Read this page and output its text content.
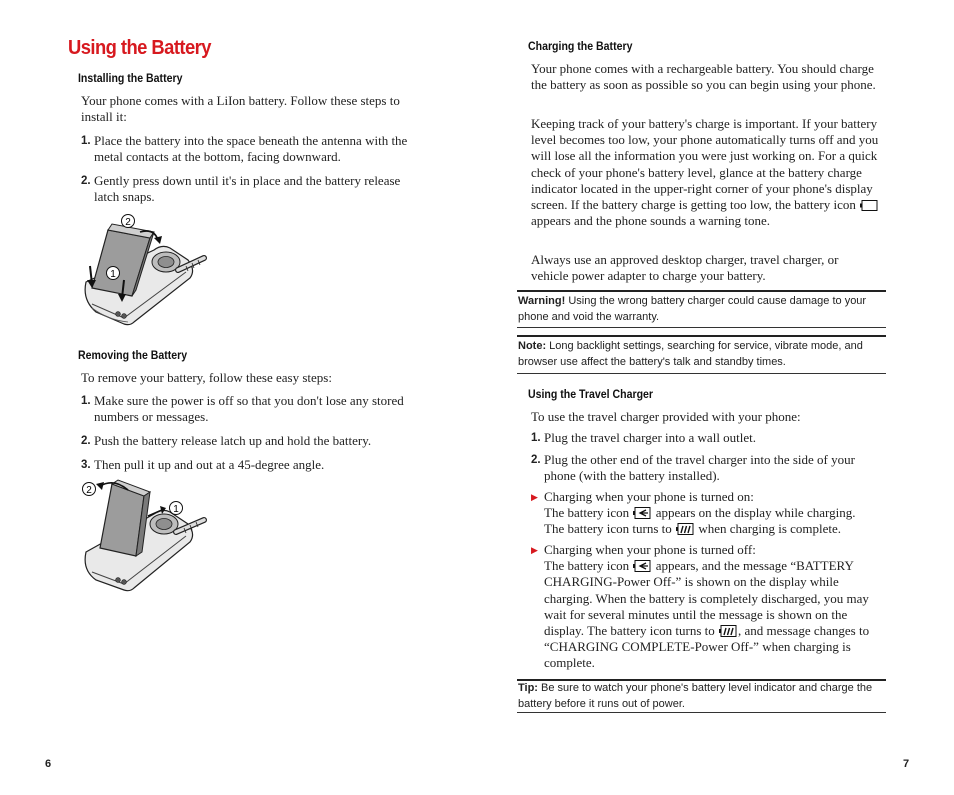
Using the Battery
Installing the Battery
Your phone comes with a LiIon battery. Follow these steps to install it:
1. Place the battery into the space beneath the antenna with the metal contacts at the bottom, facing downward.
2. Gently press down until it's in place and the battery release latch snaps.
2
1
Removing the Battery
To remove your battery, follow these easy steps:
1. Make sure the power is off so that you don't lose any stored numbers or messages.
2. Push the battery release latch up and hold the battery.
3. Then pull it up and out at a 45-degree angle.
2
1
6
Charging the Battery
Your phone comes with a rechargeable battery. You should charge the battery as soon as possible so you can begin using your phone.
Keeping track of your battery's charge is important. If your battery level becomes too low, your phone automatically turns off and you will lose all the information you were just working on. For a quick check of your phone's battery level, glance at the battery charge indicator located in the upper-right corner of your phone's display screen. If the battery charge is getting too low, the battery icon  appears and the phone sounds a warning tone.
Always use an approved desktop charger, travel charger, or vehicle power adapter to charge your battery.
Warning! Using the wrong battery charger could cause damage to your phone and void the warranty.
Note: Long backlight settings, searching for service, vibrate mode, and browser use affect the battery's talk and standby times.
Using the Travel Charger
To use the travel charger provided with your phone:
1. Plug the travel charger into a wall outlet.
2. Plug the other end of the travel charger into the side of your phone (with the battery installed).
▶ Charging when your phone is turned on:
The battery icon appears on the display while charging.
The battery icon turns to when charging is complete.
▶ Charging when your phone is turned off:
The battery icon appears, and the message “BATTERY CHARGING-Power Off-” is shown on the display while charging. When the battery is completely discharged, you may wait for several minutes until the message is shown on the display. The battery icon turns to , and message changes to “CHARGING COMPLETE-Power Off-” when charging is complete.
Tip: Be sure to watch your phone's battery level indicator and charge the battery before it runs out of power.
7
